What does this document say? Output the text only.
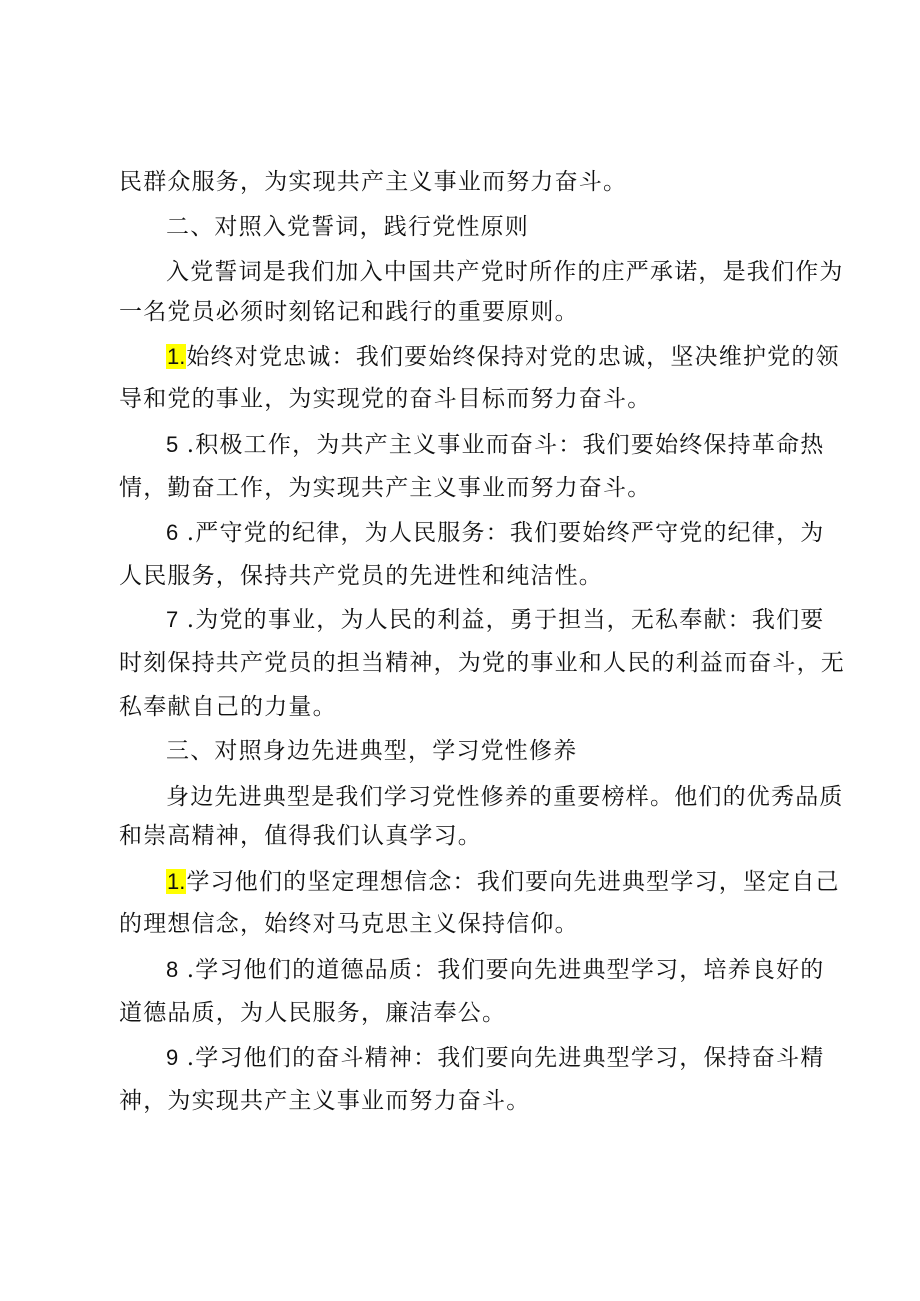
民群众服务，为实现共产主义事业而努力奋斗。
二、对照入党誓词，践行党性原则
入党誓词是我们加入中国共产党时所作的庄严承诺，是我们作为
一名党员必须时刻铭记和践行的重要原则。
1.始终对党忠诚：我们要始终保持对党的忠诚，坚决维护党的领
导和党的事业，为实现党的奋斗目标而努力奋斗。
5 .积极工作，为共产主义事业而奋斗：我们要始终保持革命热
情，勤奋工作，为实现共产主义事业而努力奋斗。
6 .严守党的纪律，为人民服务：我们要始终严守党的纪律，为
人民服务，保持共产党员的先进性和纯洁性。
7 .为党的事业，为人民的利益，勇于担当，无私奉献：我们要
时刻保持共产党员的担当精神，为党的事业和人民的利益而奋斗，无
私奉献自己的力量。
三、对照身边先进典型，学习党性修养
身边先进典型是我们学习党性修养的重要榜样。他们的优秀品质
和崇高精神，值得我们认真学习。
1.学习他们的坚定理想信念：我们要向先进典型学习，坚定自己
的理想信念，始终对马克思主义保持信仰。
8 .学习他们的道德品质：我们要向先进典型学习，培养良好的
道德品质，为人民服务，廉洁奉公。
9 .学习他们的奋斗精神：我们要向先进典型学习，保持奋斗精
神，为实现共产主义事业而努力奋斗。
